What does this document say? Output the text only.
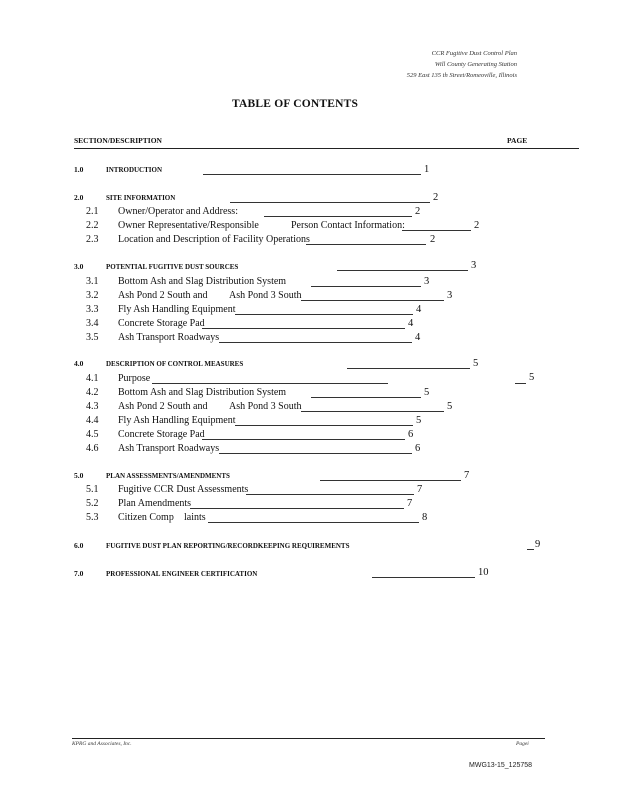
CCR Fugitive Dust Control Plan
Will County Generating Station
529 East 135 th Street/Romeoville, Illinois
TABLE OF CONTENTS
SECTION/DESCRIPTION	PAGE
1.0	INTRODUCTION	1
2.0	SITE INFORMATION	2
2.1 Owner/Operator and Address:	2
2.2 Owner Representative/Responsible	Person Contact Information:	2
2.3 Location and Description of Facility Operations	2
3.0	POTENTIAL FUGITIVE DUST SOURCES	3
3.1 Bottom Ash and Slag Distribution System	3
3.2 Ash Pond 2 South and Ash Pond 3 South	3
3.3 Fly Ash Handling Equipment	4
3.4 Concrete Storage Pad	4
3.5 Ash Transport Roadways	4
4.0	DESCRIPTION OF CONTROL MEASURES	5
4.1 Purpose	5
4.2 Bottom Ash and Slag Distribution System	5
4.3 Ash Pond 2 South and Ash Pond 3 South	5
4.4 Fly Ash Handling Equipment	5
4.5 Concrete Storage Pad	6
4.6 Ash Transport Roadways	6
5.0	PLAN ASSESSMENTS/AMENDMENTS	7
5.1 Fugitive CCR Dust Assessments	7
5.2 Plan Amendments	7
5.3 Citizen Comp laints	8
6.0	FUGITIVE DUST PLAN REPORTING/RECORDKEEPING REQUIREMENTS	9
7.0	PROFESSIONAL ENGINEER CERTIFICATION	10
KPRG and Associates, Inc.	Pagei
MWG13-15_125758
